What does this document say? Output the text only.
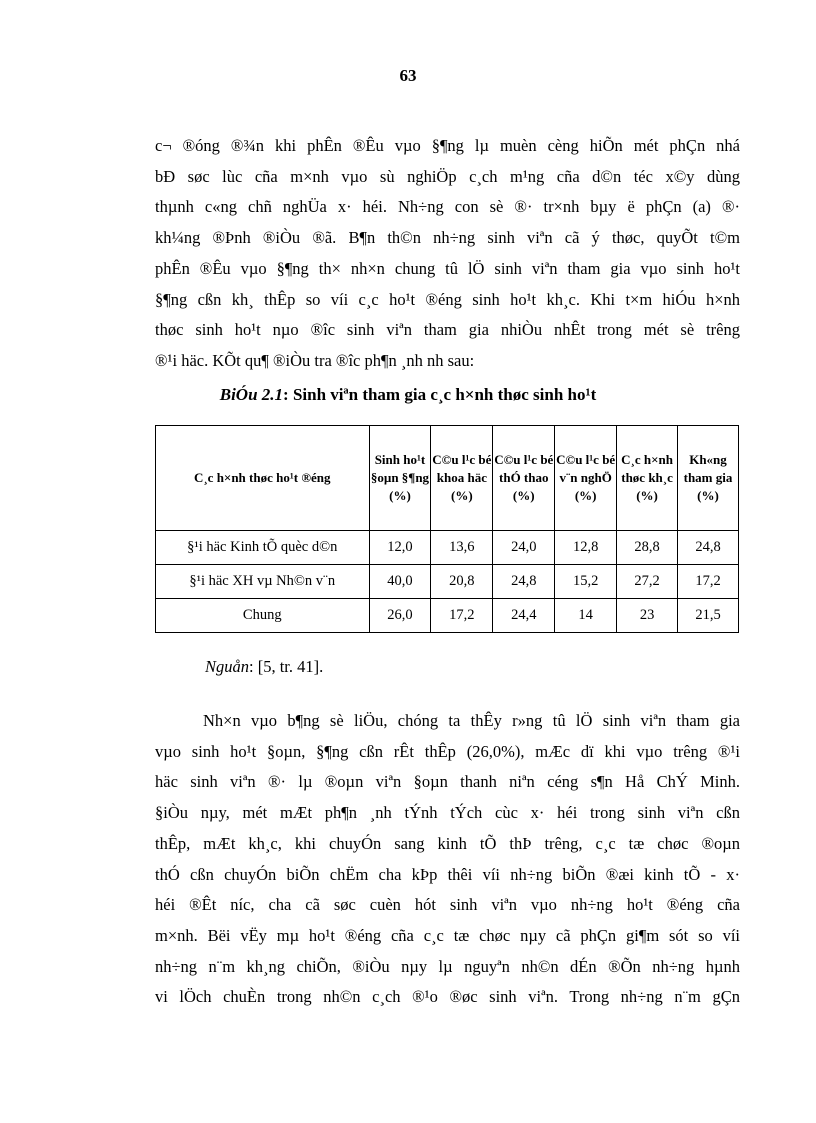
63

c¬ ®óng ®¾n khi phÊn ®Êu vµo §¶ng lµ muèn cèng hiÕn mét phÇn nhá
bÐ søc lùc cña m×nh vµo sù nghiÖp c¸ch m¹ng cña d©n téc x©y dùng
thµnh c«ng chñ nghÜa x· héi. Nh÷ng con sè ®· tr×nh bµy ë phÇn (a) ®·
kh¼ng ®Þnh ®iÒu ®ã. B¶n th©n nh÷ng sinh viªn cã ý thøc, quyÕt t©m
phÊn ®Êu vµo §¶ng th× nh×n chung tû lÖ sinh viªn tham gia vµo sinh ho¹t
§¶ng cßn kh¸ thÊp so víi c¸c ho¹t ®éng sinh ho¹t kh¸c. Khi t×m hiÓu h×nh
thøc sinh ho¹t nµo ®îc sinh viªn tham gia nhiÒu nhÊt trong mét sè trêng
®¹i häc. KÕt qu¶ ®iÒu tra ®îc ph¶n ¸nh nh sau:

BiÓu 2.1: Sinh viªn tham gia c¸c h×nh thøc sinh ho¹t
C¸c h×nh thøc ho¹t ®éng	Sinh ho¹t §oµn §¶ng (%)	C©u l¹c bé khoa häc (%)	C©u l¹c bé thÓ thao (%)	C©u l¹c bé v¨n nghÖ (%)	C¸c h×nh thøc kh¸c (%)	Kh«ng tham gia (%)
§¹i häc Kinh tÕ quèc d©n	12,0	13,6	24,0	12,8	28,8	24,8
§¹i häc XH vµ Nh©n v¨n	40,0	20,8	24,8	15,2	27,2	17,2
Chung	26,0	17,2	24,4	14	23	21,5
Nguån: [5, tr. 41].

Nh×n vµo b¶ng sè liÖu, chóng ta thÊy r»ng tû lÖ sinh viªn tham gia
vµo sinh ho¹t §oµn, §¶ng cßn rÊt thÊp (26,0%), mÆc dï khi vµo trêng ®¹i
häc sinh viªn ®· lµ ®oµn viªn §oµn thanh niªn céng s¶n Hå ChÝ Minh.
§iÒu nµy, mét mÆt ph¶n ¸nh tÝnh tÝch cùc x· héi trong sinh viªn cßn
thÊp, mÆt kh¸c, khi chuyÓn sang kinh tÕ thÞ trêng, c¸c tæ chøc ®oµn
thÓ cßn chuyÓn biÕn chËm cha kÞp thêi víi nh÷ng biÕn ®æi kinh tÕ - x·
héi ®Êt níc, cha cã søc cuèn hót sinh viªn vµo nh÷ng ho¹t ®éng cña
m×nh. Bëi vËy mµ ho¹t ®éng cña c¸c tæ chøc nµy cã phÇn gi¶m sót so víi
nh÷ng n¨m kh¸ng chiÕn, ®iÒu nµy lµ nguyªn nh©n dÉn ®Õn nh÷ng hµnh
vi lÖch chuÈn trong nh©n c¸ch ®¹o ®øc sinh viªn. Trong nh÷ng n¨m gÇn
